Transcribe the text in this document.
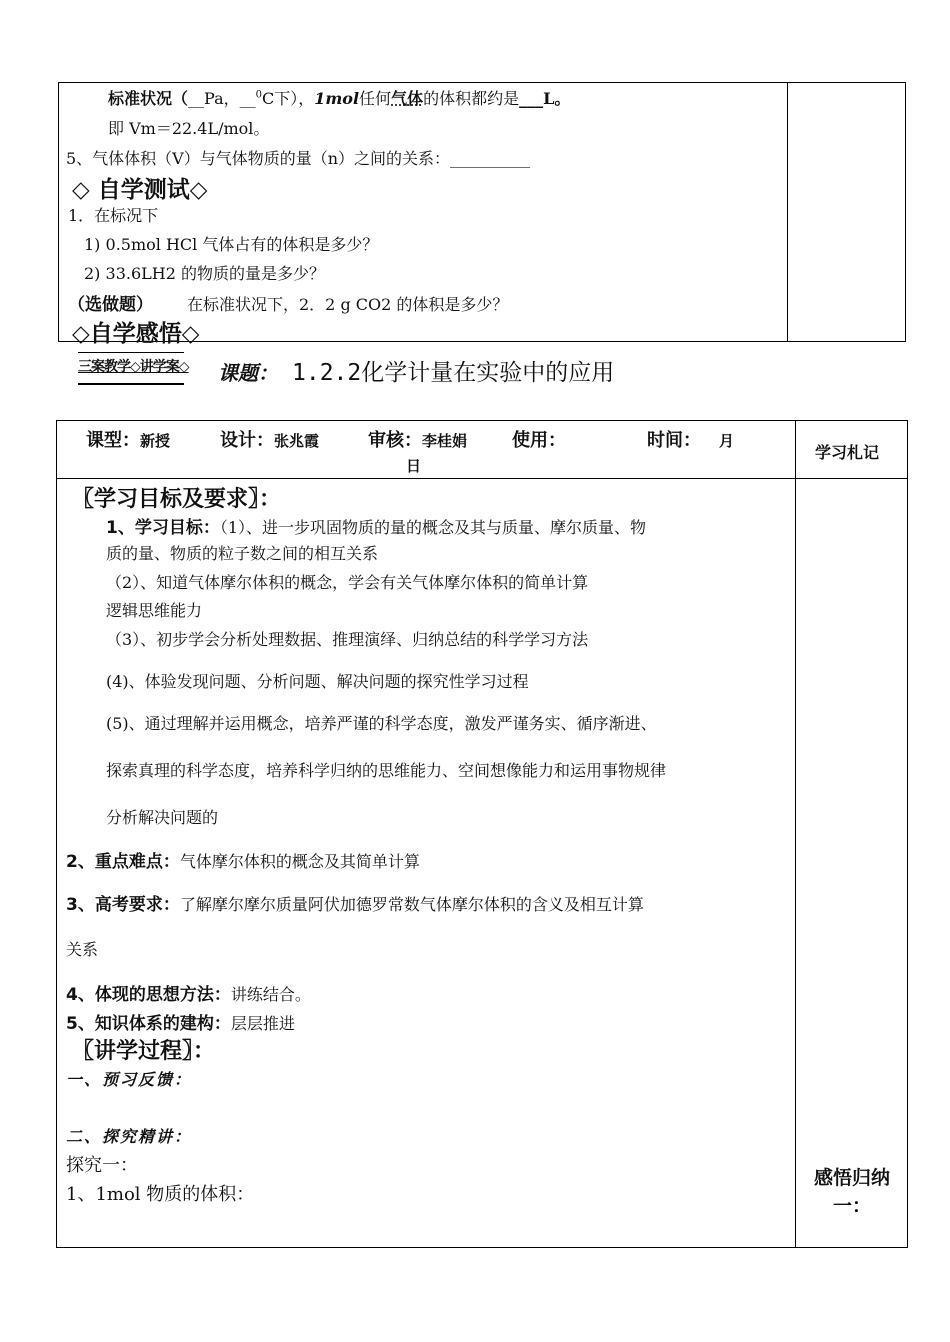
标准状况（__Pa，__$^0$C下），1mol任何气体的体积都约是___L。
即 Vm＝22.4L/mol。
5、气体体积（V）与气体物质的量（n）之间的关系：__________
◇ 自学测试◇
1．在标况下
1) 0.5mol HCl 气体占有的体积是多少？
2) 33.6LH2 的物质的量是多少？
（选做题） 在标准状况下，2．2 g CO2 的体积是多少？
◇自学感悟◇
三案教学◇讲学案◇ 课题： 1.2.2化学计量在实验中的应用
课型：新授	设计：张兆霞	审核：李桂娟 使用：	时间： 月
日
学习札记
〖学习目标及要求〗：
1、学习目标：（1）、进一步巩固物质的量的概念及其与质量、摩尔质量、物
质的量、物质的粒子数之间的相互关系
（2）、知道气体摩尔体积的概念，学会有关气体摩尔体积的简单计算
逻辑思维能力
（3）、初步学会分析处理数据、推理演绎、归纳总结的科学学习方法
(4)、体验发现问题、分析问题、解决问题的探究性学习过程
(5)、通过理解并运用概念，培养严谨的科学态度，激发严谨务实、循序渐进、
探索真理的科学态度，培养科学归纳的思维能力、空间想像能力和运用事物规律
分析解决问题的
2、重点难点：气体摩尔体积的概念及其简单计算
3、高考要求：了解摩尔摩尔质量阿伏加德罗常数气体摩尔体积的含义及相互计算
关系
4、体现的思想方法：讲练结合。
5、知识体系的建构：层层推进
〖讲学过程〗：
一、预习反馈：
二、探究精讲：
探究一：
1、1mol 物质的体积：
感悟归纳一：
